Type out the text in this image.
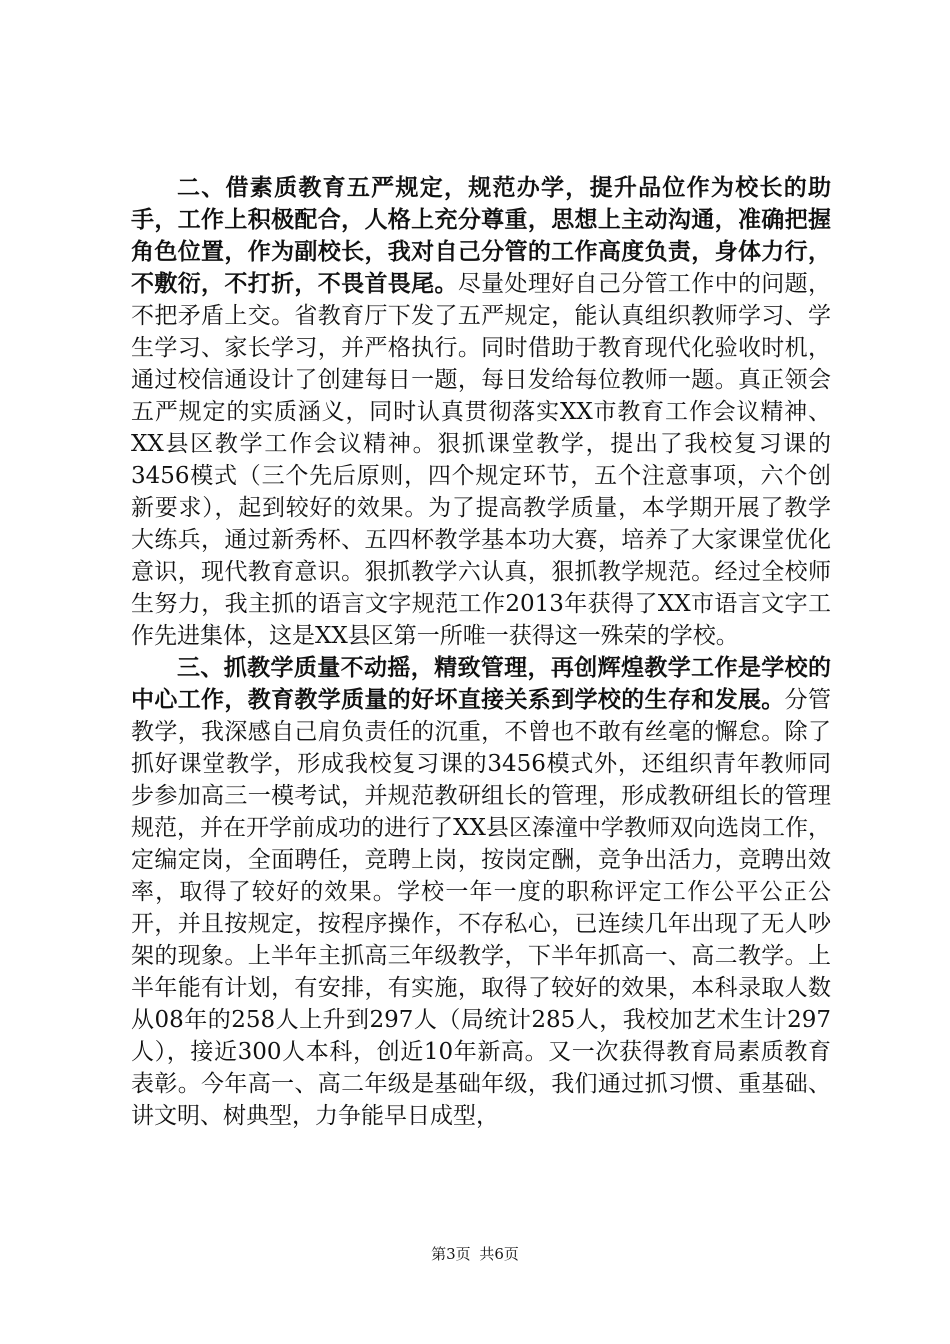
二、借素质教育五严规定，规范办学，提升品位作为校长的助手，工作上积极配合，人格上充分尊重，思想上主动沟通，准确把握角色位置，作为副校长，我对自己分管的工作高度负责，身体力行，不敷衍，不打折，不畏首畏尾。尽量处理好自己分管工作中的问题，不把矛盾上交。省教育厅下发了五严规定，能认真组织教师学习、学生学习、家长学习，并严格执行。同时借助于教育现代化验收时机，通过校信通设计了创建每日一题，每日发给每位教师一题。真正领会五严规定的实质涵义，同时认真贯彻落实XX市教育工作会议精神、XX县区教学工作会议精神。狠抓课堂教学，提出了我校复习课的3456模式（三个先后原则，四个规定环节，五个注意事项，六个创新要求），起到较好的效果。为了提高教学质量，本学期开展了教学大练兵，通过新秀杯、五四杯教学基本功大赛，培养了大家课堂优化意识，现代教育意识。狠抓教学六认真，狠抓教学规范。经过全校师生努力，我主抓的语言文字规范工作2013年获得了XX市语言文字工作先进集体，这是XX县区第一所唯一获得这一殊荣的学校。

三、抓教学质量不动摇，精致管理，再创辉煌教学工作是学校的中心工作，教育教学质量的好坏直接关系到学校的生存和发展。分管教学，我深感自己肩负责任的沉重，不曾也不敢有丝毫的懈怠。除了抓好课堂教学，形成我校复习课的3456模式外，还组织青年教师同步参加高三一模考试，并规范教研组长的管理，形成教研组长的管理规范，并在开学前成功的进行了XX县区溱潼中学教师双向选岗工作，定编定岗，全面聘任，竞聘上岗，按岗定酬，竞争出活力，竞聘出效率，取得了较好的效果。学校一年一度的职称评定工作公平公正公开，并且按规定，按程序操作，不存私心，已连续几年出现了无人吵架的现象。上半年主抓高三年级教学，下半年抓高一、高二教学。上半年能有计划，有安排，有实施，取得了较好的效果，本科录取人数从08年的258人上升到297人（局统计285人，我校加艺术生计297人），接近300人本科，创近10年新高。又一次获得教育局素质教育表彰。今年高一、高二年级是基础年级，我们通过抓习惯、重基础、讲文明、树典型，力争能早日成型，

第3页 共6页
